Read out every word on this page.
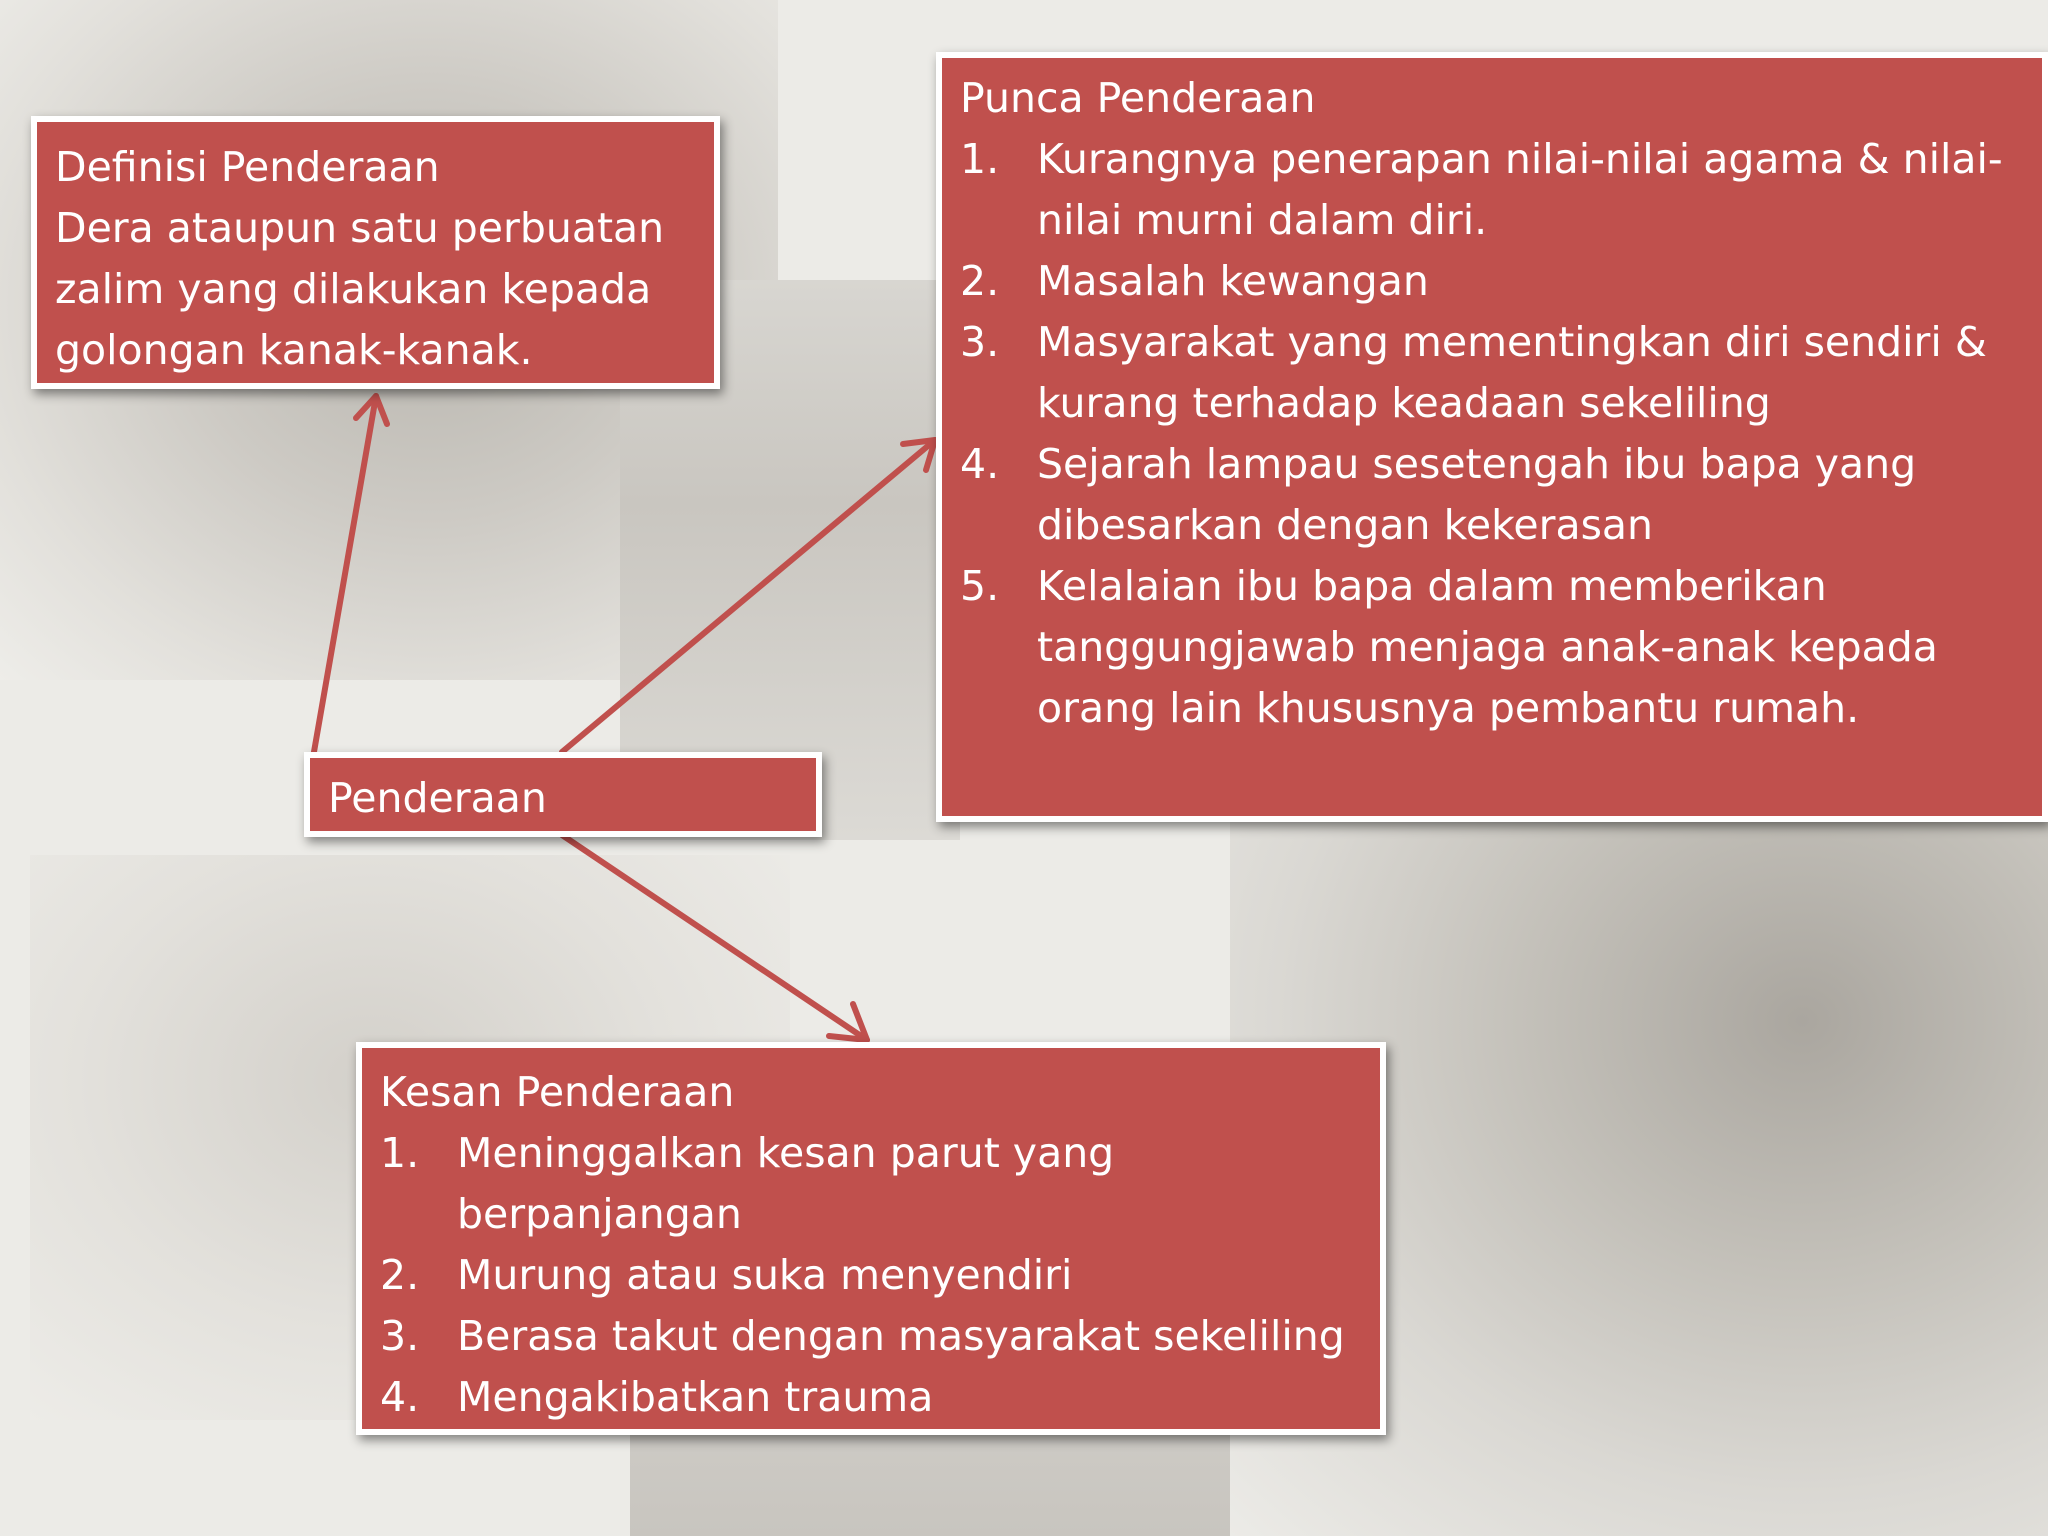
Definisi Penderaan
Dera ataupun satu perbuatan
zalim yang dilakukan kepada
golongan kanak-kanak.
Punca Penderaan
1. Kurangnya penerapan nilai-nilai agama & nilai-
nilai murni dalam diri.
2. Masalah kewangan
3. Masyarakat yang mementingkan diri sendiri &
kurang terhadap keadaan sekeliling
4. Sejarah lampau sesetengah ibu bapa yang
dibesarkan dengan kekerasan
5. Kelalaian ibu bapa dalam memberikan
tanggungjawab menjaga anak-anak kepada
orang lain khususnya pembantu rumah.
Penderaan
Kesan Penderaan
1. Meninggalkan kesan parut yang
berpanjangan
2. Murung atau suka menyendiri
3. Berasa takut dengan masyarakat sekeliling
4. Mengakibatkan trauma
